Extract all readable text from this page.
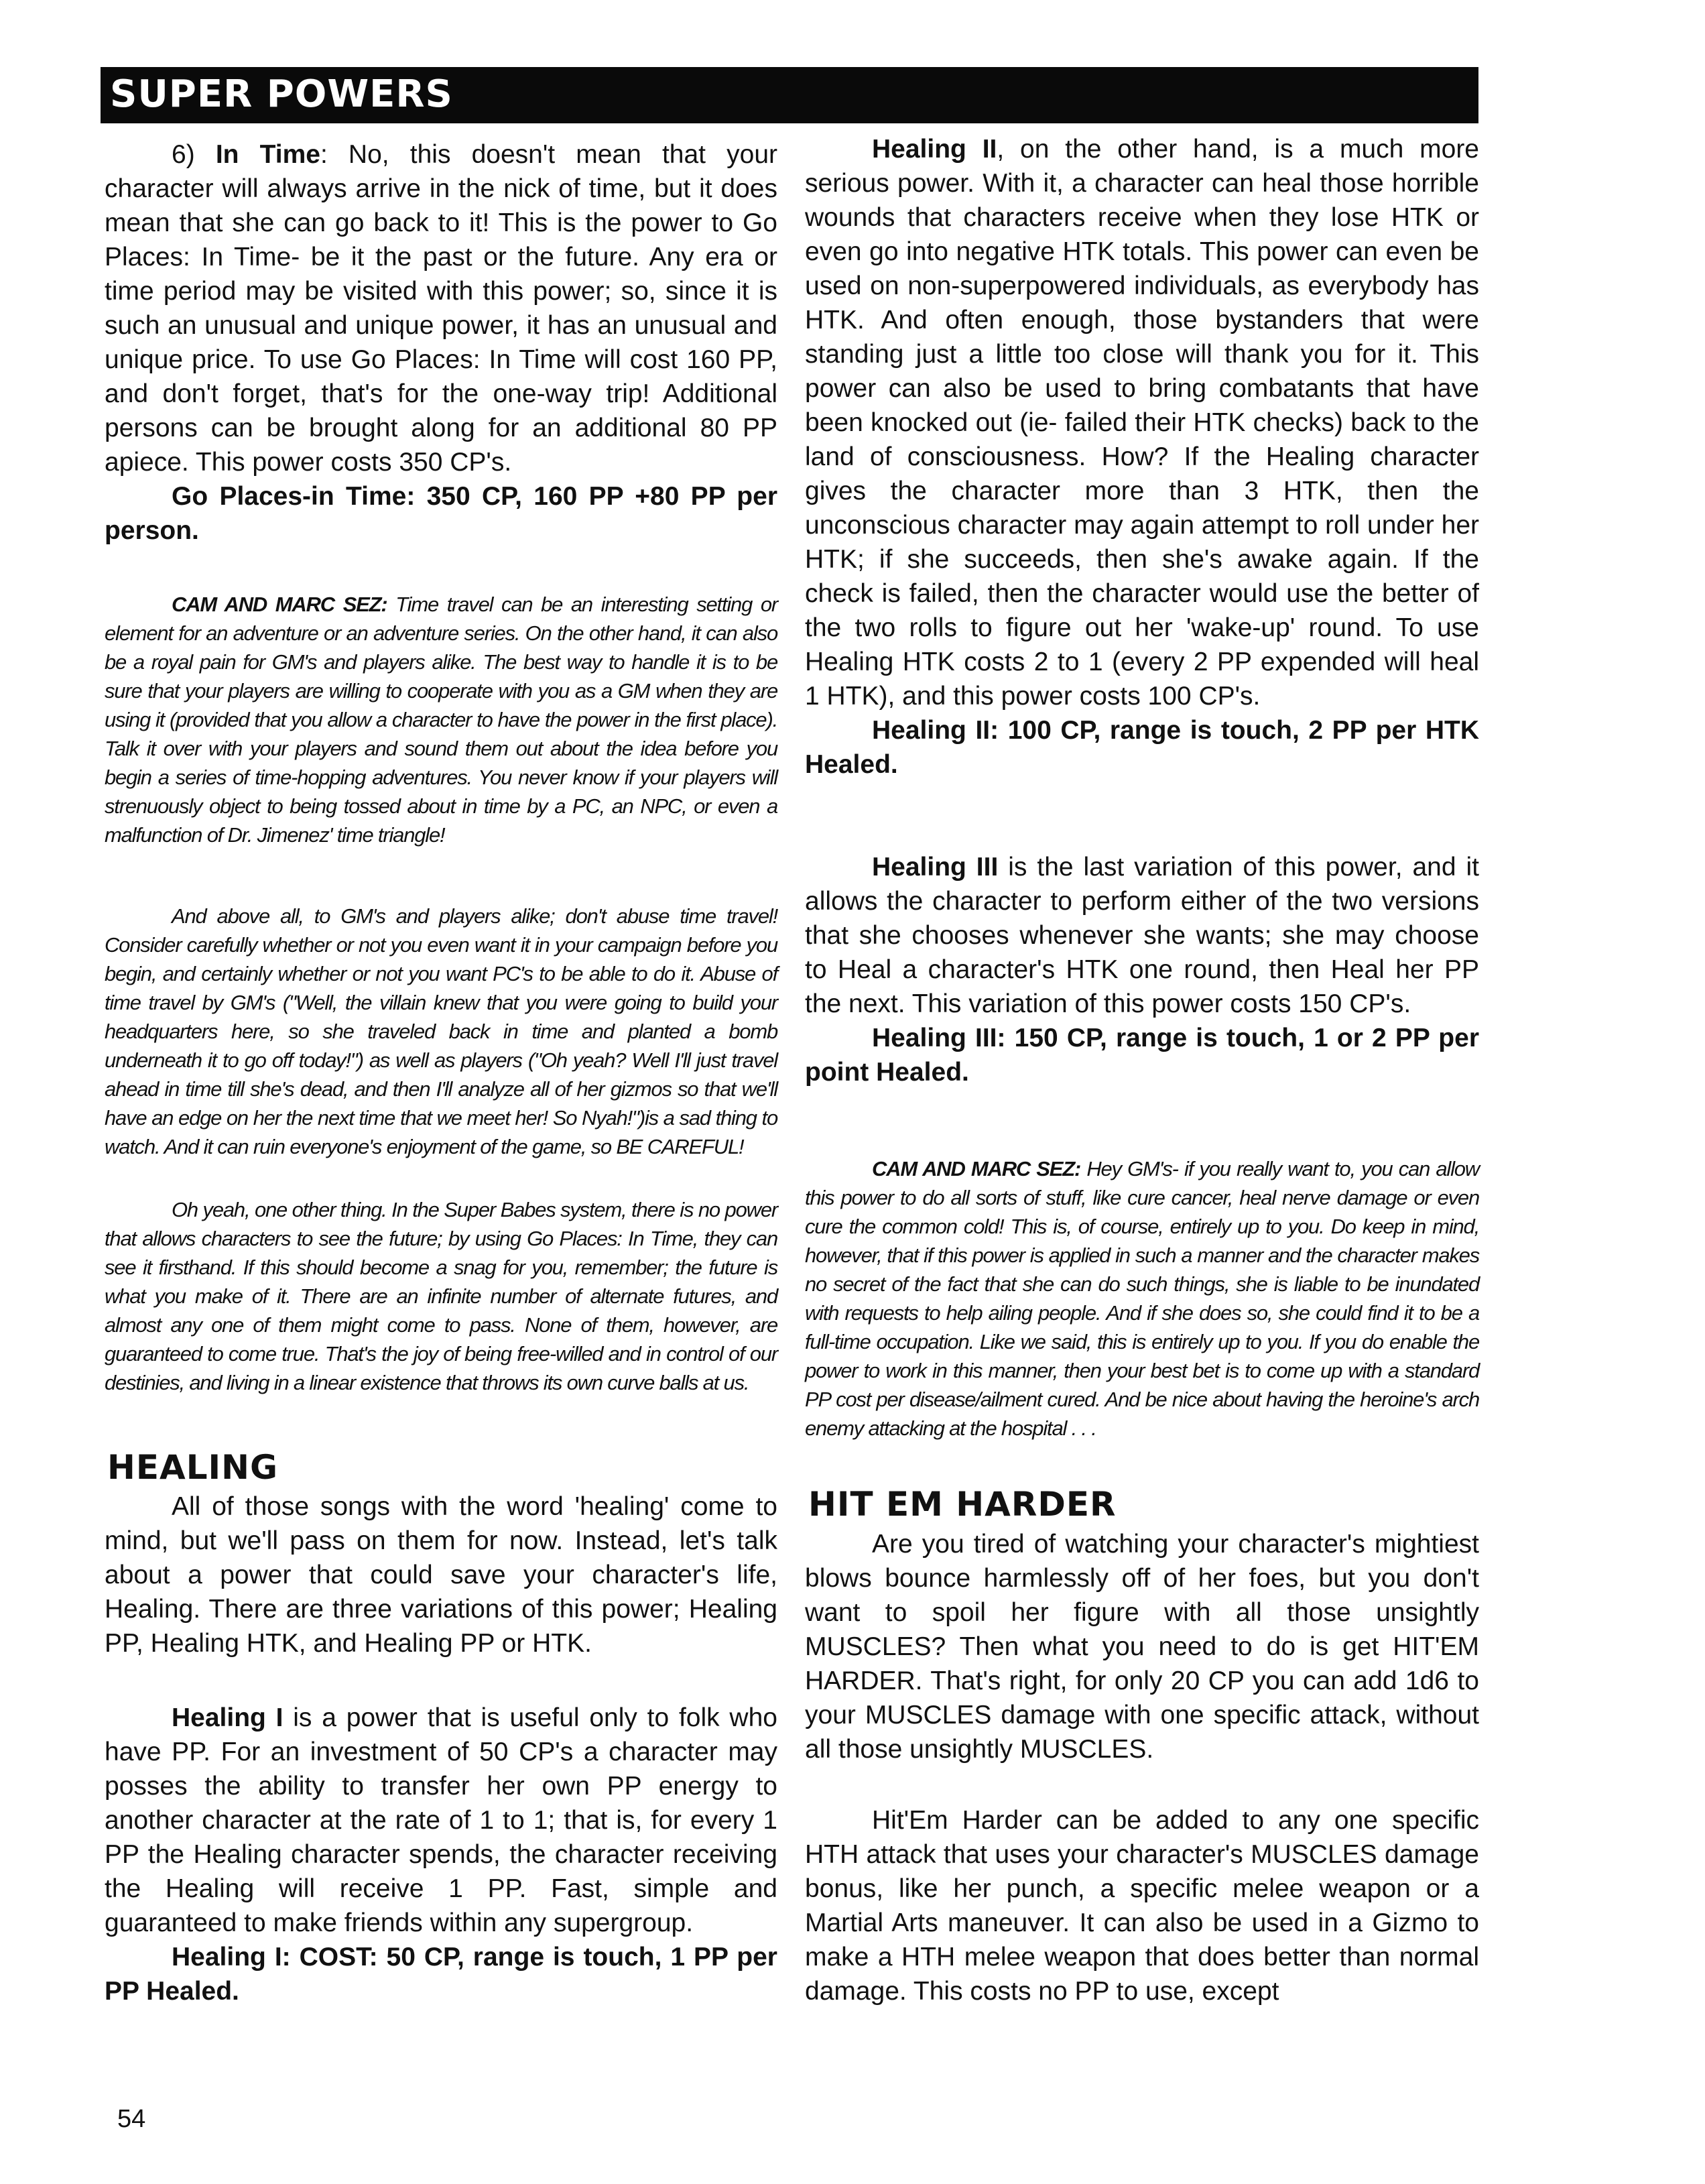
SUPER POWERS

6) In Time: No, this doesn't mean that your character will always arrive in the nick of time, but it does mean that she can go back to it! This is the power to Go Places: In Time- be it the past or the future. Any era or time period may be visited with this power; so, since it is such an unusual and unique power, it has an unusual and unique price. To use Go Places: In Time will cost 160 PP, and don't forget, that's for the one-way trip! Additional persons can be brought along for an additional 80 PP apiece. This power costs 350 CP's.

Go Places-in Time: 350 CP, 160 PP +80 PP per person.

CAM AND MARC SEZ: Time travel can be an interesting setting or element for an adventure or an adventure series. On the other hand, it can also be a royal pain for GM's and players alike. The best way to handle it is to be sure that your players are willing to cooperate with you as a GM when they are using it (provided that you allow a character to have the power in the first place). Talk it over with your players and sound them out about the idea before you begin a series of time-hopping adventures. You never know if your players will strenuously object to being tossed about in time by a PC, an NPC, or even a malfunction of Dr. Jimenez' time triangle!

And above all, to GM's and players alike; don't abuse time travel! Consider carefully whether or not you even want it in your campaign before you begin, and certainly whether or not you want PC's to be able to do it. Abuse of time travel by GM's ("Well, the villain knew that you were going to build your headquarters here, so she traveled back in time and planted a bomb underneath it to go off today!") as well as players ("Oh yeah? Well I'll just travel ahead in time till she's dead, and then I'll analyze all of her gizmos so that we'll have an edge on her the next time that we meet her! So Nyah!")is a sad thing to watch. And it can ruin everyone's enjoyment of the game, so BE CAREFUL!

Oh yeah, one other thing. In the Super Babes system, there is no power that allows characters to see the future; by using Go Places: In Time, they can see it firsthand. If this should become a snag for you, remember; the future is what you make of it. There are an infinite number of alternate futures, and almost any one of them might come to pass. None of them, however, are guaranteed to come true. That's the joy of being free-willed and in control of our destinies, and living in a linear existence that throws its own curve balls at us.

HEALING

All of those songs with the word 'healing' come to mind, but we'll pass on them for now. Instead, let's talk about a power that could save your character's life, Healing. There are three variations of this power; Healing PP, Healing HTK, and Healing PP or HTK.

Healing I is a power that is useful only to folk who have PP. For an investment of 50 CP's a character may posses the ability to transfer her own PP energy to another character at the rate of 1 to 1; that is, for every 1 PP the Healing character spends, the character receiving the Healing will receive 1 PP. Fast, simple and guaranteed to make friends within any supergroup.

Healing I: COST: 50 CP, range is touch, 1 PP per PP Healed.

Healing II, on the other hand, is a much more serious power. With it, a character can heal those horrible wounds that characters receive when they lose HTK or even go into negative HTK totals. This power can even be used on non-superpowered individuals, as everybody has HTK. And often enough, those bystanders that were standing just a little too close will thank you for it. This power can also be used to bring combatants that have been knocked out (ie- failed their HTK checks) back to the land of consciousness. How? If the Healing character gives the character more than 3 HTK, then the unconscious character may again attempt to roll under her HTK; if she succeeds, then she's awake again. If the check is failed, then the character would use the better of the two rolls to figure out her 'wake-up' round. To use Healing HTK costs 2 to 1 (every 2 PP expended will heal 1 HTK), and this power costs 100 CP's.

Healing II: 100 CP, range is touch, 2 PP per HTK Healed.

Healing III is the last variation of this power, and it allows the character to perform either of the two versions that she chooses whenever she wants; she may choose to Heal a character's HTK one round, then Heal her PP the next. This variation of this power costs 150 CP's.

Healing III: 150 CP, range is touch, 1 or 2 PP per point Healed.

CAM AND MARC SEZ: Hey GM's- if you really want to, you can allow this power to do all sorts of stuff, like cure cancer, heal nerve damage or even cure the common cold! This is, of course, entirely up to you. Do keep in mind, however, that if this power is applied in such a manner and the character makes no secret of the fact that she can do such things, she is liable to be inundated with requests to help ailing people. And if she does so, she could find it to be a full-time occupation. Like we said, this is entirely up to you. If you do enable the power to work in this manner, then your best bet is to come up with a standard PP cost per disease/ailment cured. And be nice about having the heroine's arch enemy attacking at the hospital . . .

HIT EM HARDER

Are you tired of watching your character's mightiest blows bounce harmlessly off of her foes, but you don't want to spoil her figure with all those unsightly MUSCLES? Then what you need to do is get HIT'EM HARDER. That's right, for only 20 CP you can add 1d6 to your MUSCLES damage with one specific attack, without all those unsightly MUSCLES.

Hit'Em Harder can be added to any one specific HTH attack that uses your character's MUSCLES damage bonus, like her punch, a specific melee weapon or a Martial Arts maneuver. It can also be used in a Gizmo to make a HTH melee weapon that does better than normal damage. This costs no PP to use, except

54
